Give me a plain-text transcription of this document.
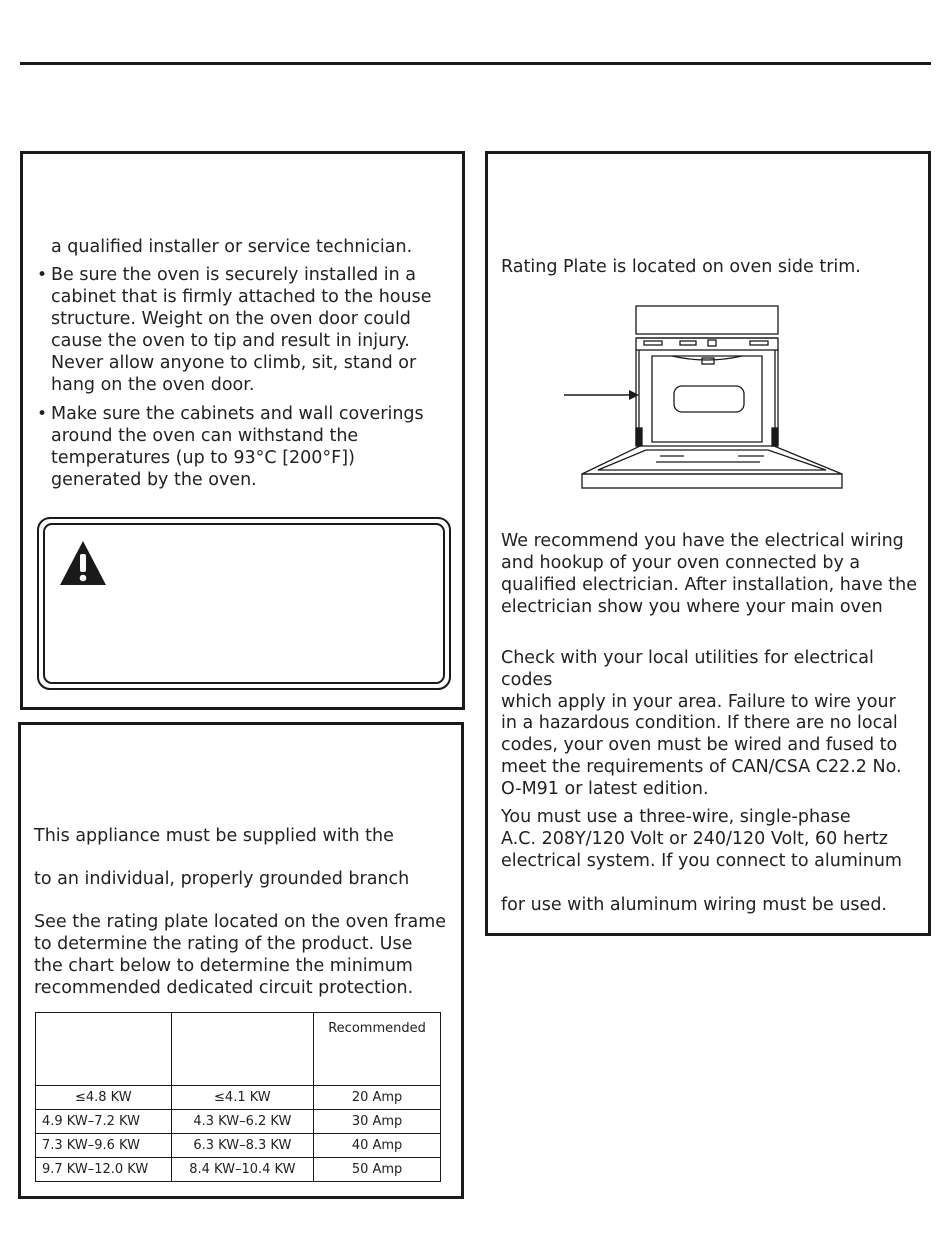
a qualified installer or service technician.

• Be sure the oven is securely installed in a
cabinet that is firmly attached to the house
structure. Weight on the oven door could
cause the oven to tip and result in injury.
Never allow anyone to climb, sit, stand or
hang on the oven door.

• Make sure the cabinets and wall coverings
around the oven can withstand the
temperatures (up to 93°C [200°F])
generated by the oven.

This appliance must be supplied with the

to an individual, properly grounded branch

See the rating plate located on the oven frame
to determine the rating of the product. Use
the chart below to determine the minimum
recommended dedicated circuit protection.

		Recommended
≤4.8 KW	≤4.1 KW	20 Amp
4.9 KW–7.2 KW	4.3 KW–6.2 KW	30 Amp
7.3 KW–9.6 KW	6.3 KW–8.3 KW	40 Amp
9.7 KW–12.0 KW	8.4 KW–10.4 KW	50 Amp

Rating Plate is located on oven side trim.

We recommend you have the electrical wiring
and hookup of your oven connected by a
qualified electrician. After installation, have the
electrician show you where your main oven

Check with your local utilities for electrical codes
which apply in your area. Failure to wire your

in a hazardous condition. If there are no local
codes, your oven must be wired and fused to
meet the requirements of CAN/CSA C22.2 No.
O-M91 or latest edition.

You must use a three-wire, single-phase
A.C. 208Y/120 Volt or 240/120 Volt, 60 hertz
electrical system. If you connect to aluminum

for use with aluminum wiring must be used.
